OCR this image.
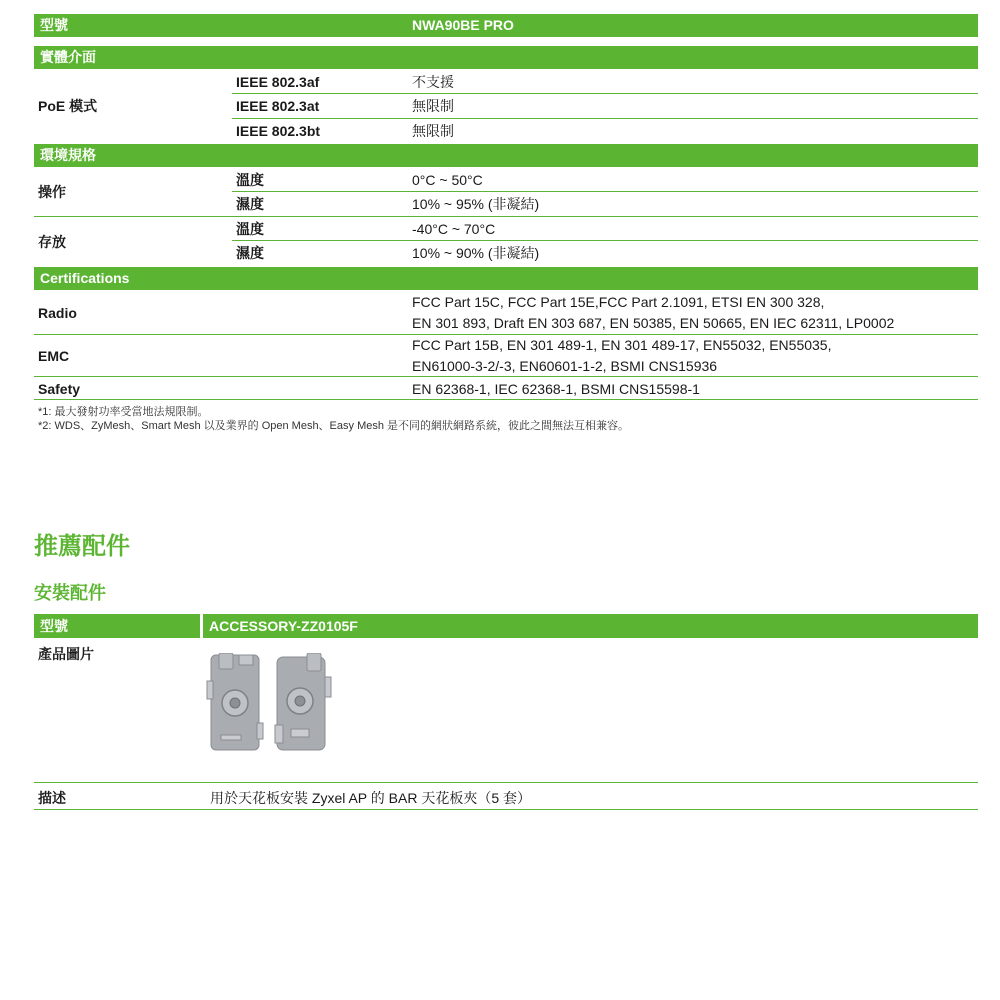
型號	NWA90BE PRO
實體介面
PoE 模式
IEEE 802.3af	不支援
IEEE 802.3at	無限制
IEEE 802.3bt	無限制
環境規格
操作
溫度	0°C ~ 50°C
濕度	10% ~ 95% (非凝結)
存放
溫度	-40°C ~ 70°C
濕度	10% ~ 90% (非凝結)
Certifications
Radio
FCC Part 15C, FCC Part 15E,FCC Part 2.1091, ETSI EN 300 328,
EN 301 893, Draft EN 303 687, EN 50385, EN 50665, EN IEC 62311, LP0002
EMC
FCC Part 15B, EN 301 489-1, EN 301 489-17, EN55032, EN55035,
EN61000-3-2/-3, EN60601-1-2, BSMI CNS15936
Safety	EN 62368-1, IEC 62368-1, BSMI CNS15598-1
*1: 最大發射功率受當地法規限制。
*2: WDS、ZyMesh、Smart Mesh 以及業界的 Open Mesh、Easy Mesh 是不同的網狀網路系統，彼此之間無法互相兼容。
推薦配件
安裝配件
型號	ACCESSORY-ZZ0105F
產品圖片
描述	用於天花板安裝 Zyxel AP 的 BAR 天花板夾（5 套）
